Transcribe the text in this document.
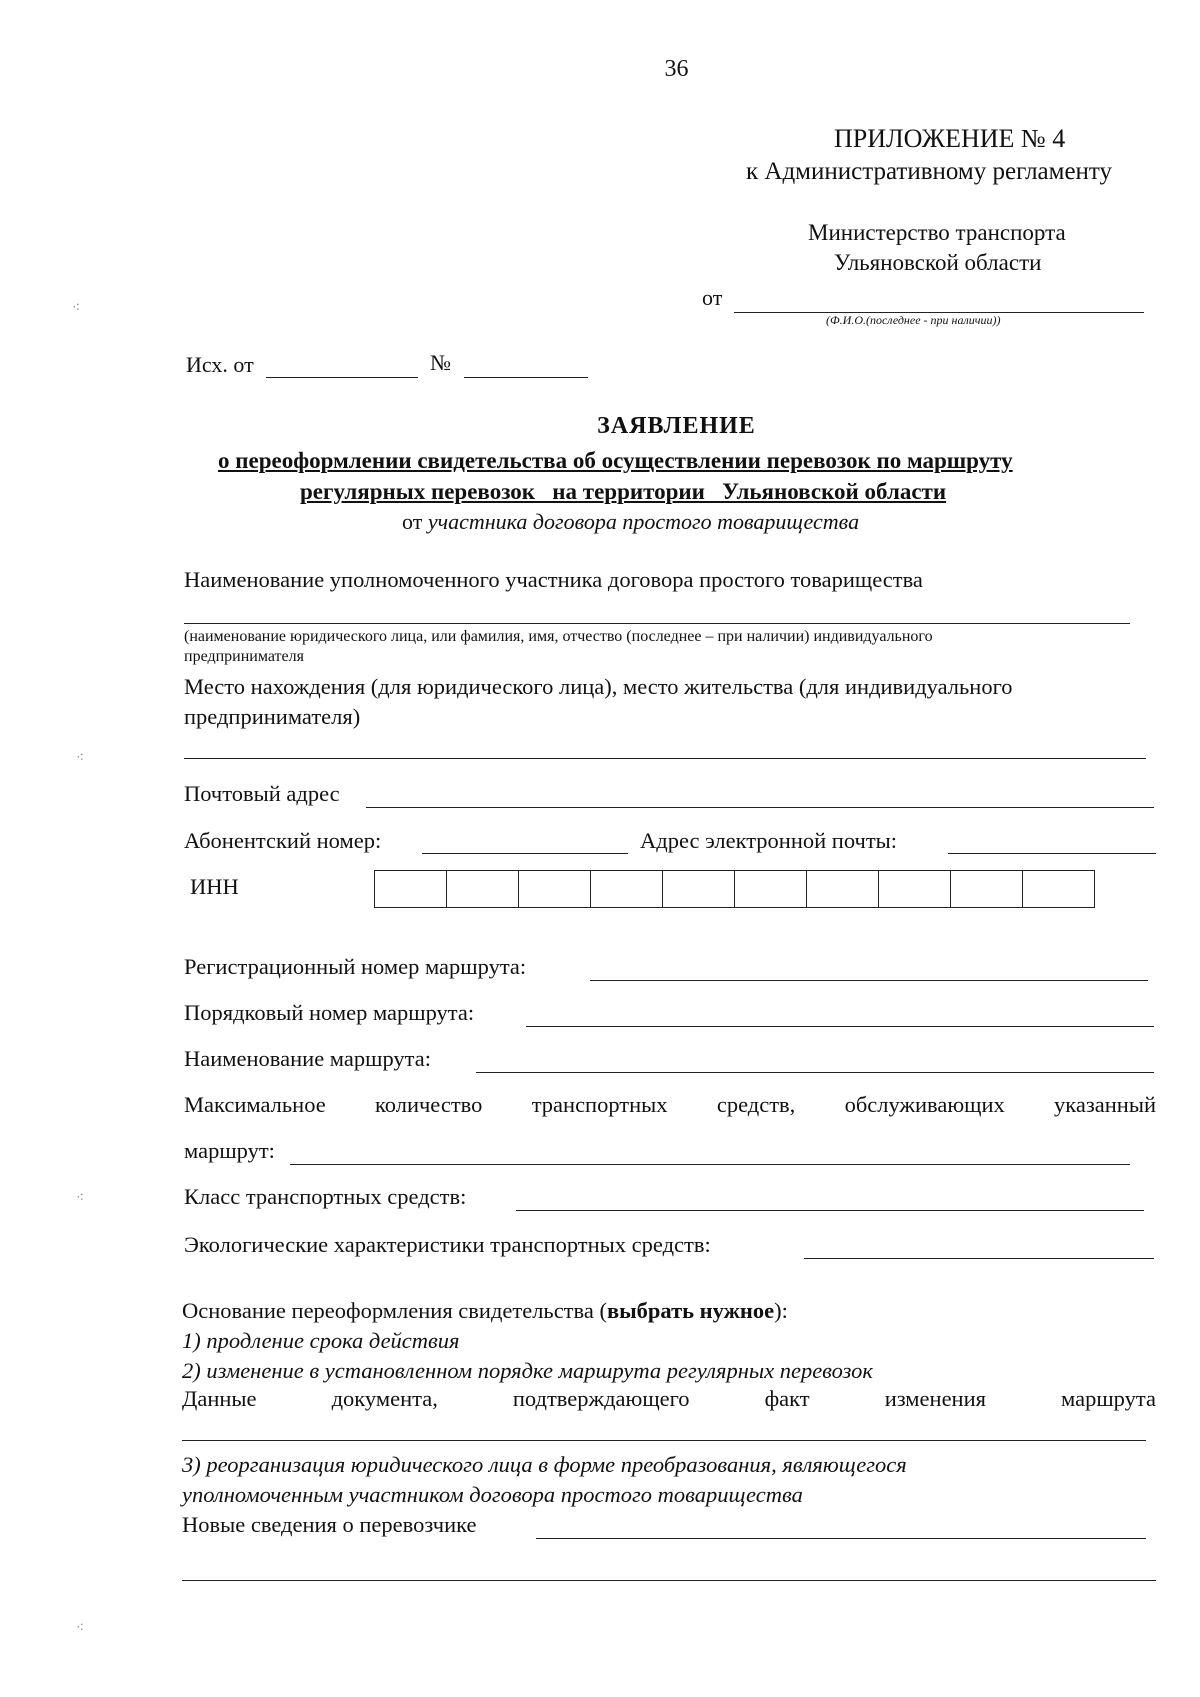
36
ПРИЛОЖЕНИЕ № 4
к Административному регламенту
Министерство транспорта
Ульяновской области
от
(Ф.И.О.(последнее - при наличии))
Исх. от	№
ЗАЯВЛЕНИЕ
о переоформлении свидетельства об осуществлении перевозок по маршруту
регулярных перевозок   на территории   Ульяновской области
от участника договора простого товарищества
Наименование уполномоченного участника договора простого товарищества
(наименование юридического лица, или фамилия, имя, отчество (последнее – при наличии) индивидуального
предпринимателя
Место нахождения (для юридического лица), место жительства (для индивидуального
предпринимателя)
Почтовый адрес
Абонентский номер:	Адрес электронной почты:
ИНН
Регистрационный номер маршрута:
Порядковый номер маршрута:
Наименование маршрута:
Максимальное количество транспортных средств, обслуживающих указанный
маршрут:
Класс транспортных средств:
Экологические характеристики транспортных средств:
Основание переоформления свидетельства (выбрать нужное):
1) продление срока действия
2) изменение в установленном порядке маршрута регулярных перевозок
Данные	документа,	подтверждающего	факт	изменения	маршрута
3) реорганизация юридического лица в форме преобразования, являющегося
уполномоченным участником договора простого товарищества
Новые сведения о перевозчике
⁖
⁖
⁖
⁖
